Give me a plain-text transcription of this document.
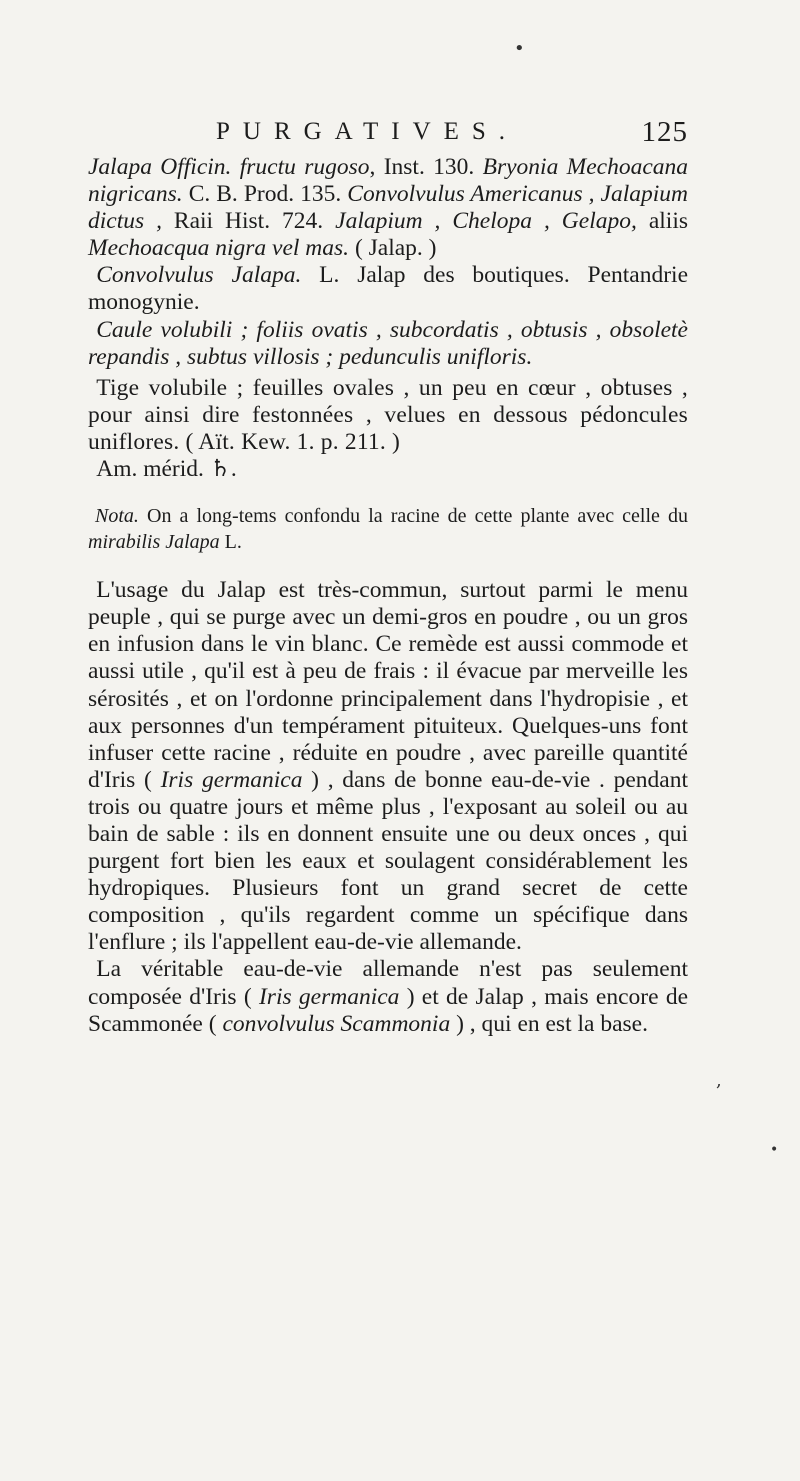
PURGATIVES.	125

Jalapa Officin. fructu rugoso, Inst. 130. Bryonia Mechoacana nigricans. C. B. Prod. 135. Convolvulus Americanus , Jalapium dictus , Raii Hist. 724. Jalapium , Chelopa , Gelapo, aliis Mechoacqua nigra vel mas. ( Jalap. )

Convolvulus Jalapa. L. Jalap des boutiques. Pentandrie monogynie.

Caule volubili ; foliis ovatis , subcordatis , obtusis , obsoletè repandis , subtus villosis ; pedunculis unifloris.

Tige volubile ; feuilles ovales , un peu en cœur , obtuses , pour ainsi dire festonnées , velues en dessous pédoncules uniflores. ( Aït. Kew. 1. p. 211. )

Am. mérid. ♄.

Nota. On a long-tems confondu la racine de cette plante avec celle du mirabilis Jalapa L.

L'usage du Jalap est très-commun, surtout parmi le menu peuple , qui se purge avec un demi-gros en poudre , ou un gros en infusion dans le vin blanc. Ce remède est aussi commode et aussi utile , qu'il est à peu de frais : il évacue par merveille les sérosités , et on l'ordonne principalement dans l'hydropisie , et aux personnes d'un tempérament pituiteux. Quelques-uns font infuser cette racine , réduite en poudre , avec pareille quantité d'Iris ( Iris germanica ) , dans de bonne eau-de-vie . pendant trois ou quatre jours et même plus , l'exposant au soleil ou au bain de sable : ils en donnent ensuite une ou deux onces , qui purgent fort bien les eaux et soulagent considérablement les hydropiques. Plusieurs font un grand secret de cette composition , qu'ils regardent comme un spécifique dans l'enflure ; ils l'appellent eau-de-vie allemande.

La véritable eau-de-vie allemande n'est pas seulement composée d'Iris ( Iris germanica ) et de Jalap , mais encore de Scammonée ( convolvulus Scammonia ) , qui en est la base.

•
,
•
